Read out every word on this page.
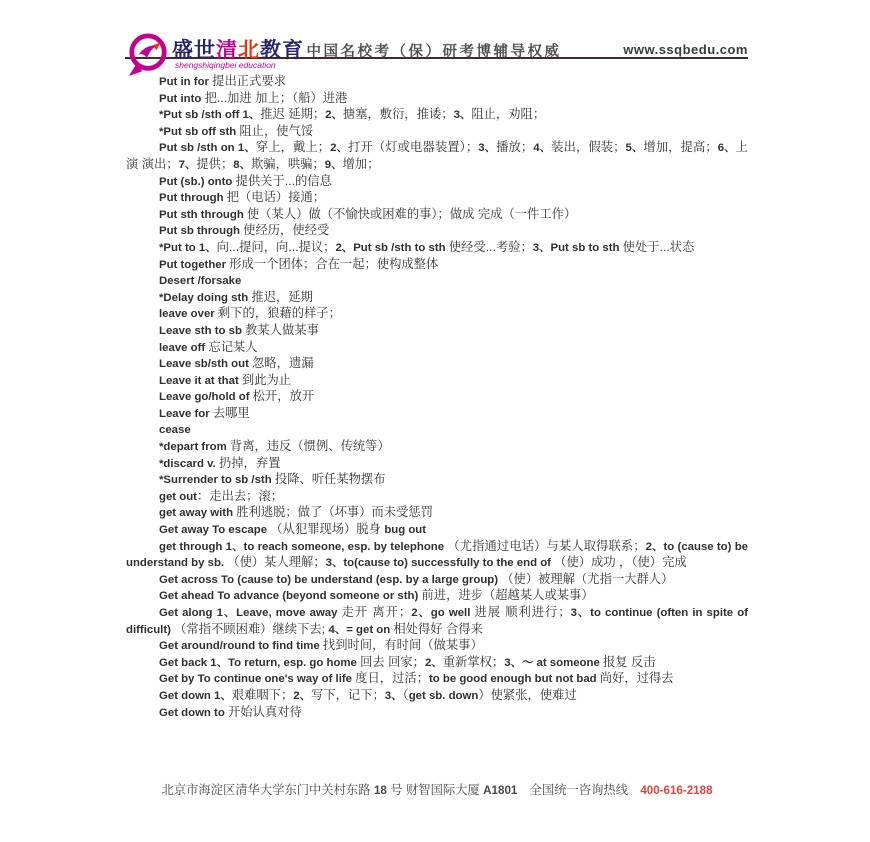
盛世清北教育
shengshiqingbei education
中国名校考（保）研考博辅导权威	www.ssqbedu.com

Put in for 提出正式要求

Put into 把...加进 加上；（船）进港

*Put sb /sth off 1、推迟 延期；2、搪塞，敷衍，推诿；3、阻止，劝阻；

*Put sb off sth 阻止，使气馁

Put sb /sth on 1、穿上，戴上；2、打开（灯或电器装置）；3、播放；4、装出，假装；5、增加，提高；6、上演 演出；7、提供；8、欺骗，哄骗；9、增加；

Put (sb.) onto 提供关于...的信息

Put through 把（电话）接通；

Put sth through 使（某人）做（不愉快或困难的事）；做成 完成（一件工作）

Put sb through 使经历，使经受

*Put to 1、向...提问，向...提议；2、Put sb /sth to sth 使经受...考验；3、Put sb to sth 使处于...状态

Put together 形成一个团体；合在一起；使构成整体

Desert /forsake

*Delay doing sth 推迟，延期

leave over 剩下的，狼藉的样子；

Leave sth to sb 教某人做某事

leave off 忘记某人

Leave sb/sth out 忽略，遗漏

Leave it at that 到此为止

Leave go/hold of 松开，放开

Leave for 去哪里

cease

*depart from 背离，违反（惯例、传统等）

*discard v. 扔掉，弃置

*Surrender to sb /sth 投降、听任某物摆布

get out：走出去；滚；

get away with 胜利逃脱；做了（坏事）而未受惩罚

Get away To escape （从犯罪现场）脱身 bug out

get through 1、to reach someone, esp. by telephone （尤指通过电话）与某人取得联系；2、to (cause to) be understand by sb. （使）某人理解；3、to(cause to) successfully to the end of （使）成功 ，（使）完成

Get across To (cause to) be understand (esp. by a large group) （使）被理解（尤指一大群人）

Get ahead To advance (beyond someone or sth) 前进，进步（超越某人或某事）

Get along 1、Leave, move away 走开 离开；2、go well 进展 顺利进行；3、to continue (often in spite of difficult) （常指不顾困难）继续下去; 4、= get on 相处得好 合得来

Get around/round to find time 找到时间，有时间（做某事）

Get back 1、To return, esp. go home 回去 回家；2、重新掌权；3、～ at someone 报复 反击

Get by To continue one's way of life 度日，过活；to be good enough but not bad 尚好，过得去

Get down 1、艰难咽下；2、写下，记下；3、（get sb. down）使紧张，使难过

Get down to 开始认真对待

北京市海淀区清华大学东门中关村东路 18 号 财智国际大厦 A1801　全国统一咨询热线　400-616-2188
